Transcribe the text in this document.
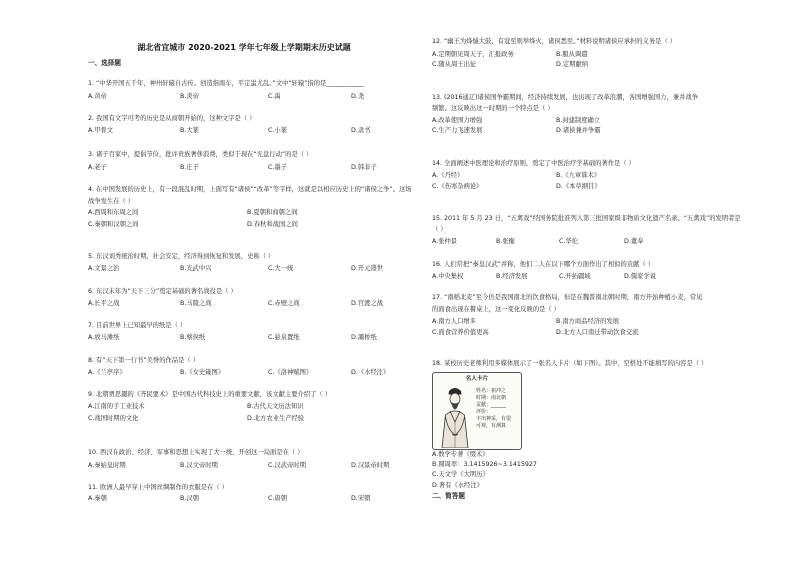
湖北省宜城市 2020-2021 学年七年级上学期期末历史试题
一、选择题
1. “中华开国五千年，神州轩辕自古传。创造指南车，平定蚩尤乱。”文中“轩辕”指的是____________
A.黄帝	B.炎帝	C.禹	D.尧
2. 我国有文字可考的历史是从商朝开始的，这种文字是（ ）
A.甲骨文	B.大篆	C.小篆	D.隶书
3. 诸子百家中，提倡节俭，批评贵族奢侈浪费，类似于现在“光盘行动”的是（ ）
A.老子	B.庄子	C.墨子	D.韩非子
4. 在中国发展的历史上，有一段混乱时期，上面写有“诸侯”“改革”等字样，这就是以相应历史上的“诸侯之争”。这场
战争发生在（ ）
A.西周和东周之间	B.夏朝和商朝之间
C.秦朝和汉朝之间	D.春秋和战国之间
5. 东汉刘秀统治时期，社会安定，经济得到恢复和发展，史称（ ）
A.文景之治	B.光武中兴	C.大一统	D.开元盛世
6. 东汉末年为“天下三分”奠定基础的著名战役是（ ）
A.长平之战	B.马陵之战	C.赤壁之战	D.官渡之战
7. 目前世界上已知最早的纸是（ ）
A.放马滩纸	B.蔡侯纸	C.悬泉置纸	D.灞桥纸
8. 有“天下第一行书”美誉的作品是（ ）
A.《兰亭序》	B.《女史箴图》	C.《洛神赋图》	D.《水经注》
9. 北朝贾思勰的《齐民要术》是中国古代科技史上的重要文献，该文献主要介绍了（ ）
A.江南的手工业技术	B.古代天文历法知识
C.战国时期的文化	D.北方农业生产经验
10. 西汉在政治、经济、军事和思想上实现了大一统，开创这一局面是在（ ）
A.秦始皇时期	B.汉文帝时期	C.汉武帝时期	D.汉景帝时期
11. 欧洲人最早穿上中国丝绸制作的衣服是在（ ）
A.秦朝	B.汉朝	C.唐朝	D.宋朝
12. “幽王为烽燧大鼓，有寇至则举烽火，诸侯悉至。”材料说明诸侯应承担的义务是（ ）
A.定期朝见周天子，汇报政务	B.服从调遣
C.随从周王出征	D.定期献纳
13. (2016通辽)诸侯国争霸期间，经济持续发展，也出现了改革浪潮，各国增强国力，兼并战争
频繁。这反映出这一时期的一个特点是（ ）
A.改革使国力增强	B.封建制度确立
C.生产力飞速发展	D.诸侯兼并争霸
14. 全面阐述中医理论和治疗原则，奠定了中医治疗学基础的著作是（ ）
A.《丹经》	B.《九章算术》
C.《伤寒杂病论》	D.《本草纲目》
15. 2011 年 5 月 23 日，“五禽戏”经国务院批准列入第三批国家级非物质文化遗产名录。“五禽戏”的发明者是
（ ）
A.张仲景	B.张衡	C.华佗	D.董奉
16. 人们常把“秦皇汉武”并称，他们二人在以下哪个方面作出了相似的贡献（ ）
A.中央集权	B.经济发展	C.开拓疆域	D.儒家学说
17. “南稻北麦”至今仍是我国南北的饮食格局，但是在魏晋南北朝时期，南方开始种植小麦，常见
的面食出现在餐桌上，这一变化反映的是（ ）
A.南方人口增多	B.南方商品经济的发展
C.面食营养价值更高	D.北方人口南迁带动饮食交流
18. 某校历史老师利用多媒体展示了一张名人卡片（如下图）。其中，空格处不能填写的内容是（ ）
名人卡片
姓名：祖冲之
时期：南北朝
贡献：______
评价：
丰出神采，有很
可观，有测算
A.数学专著《缀术》
B.圆周率：3.1415926~3.1415927
C.天文学《大明历》
D.著有《水经注》
二、简答题
